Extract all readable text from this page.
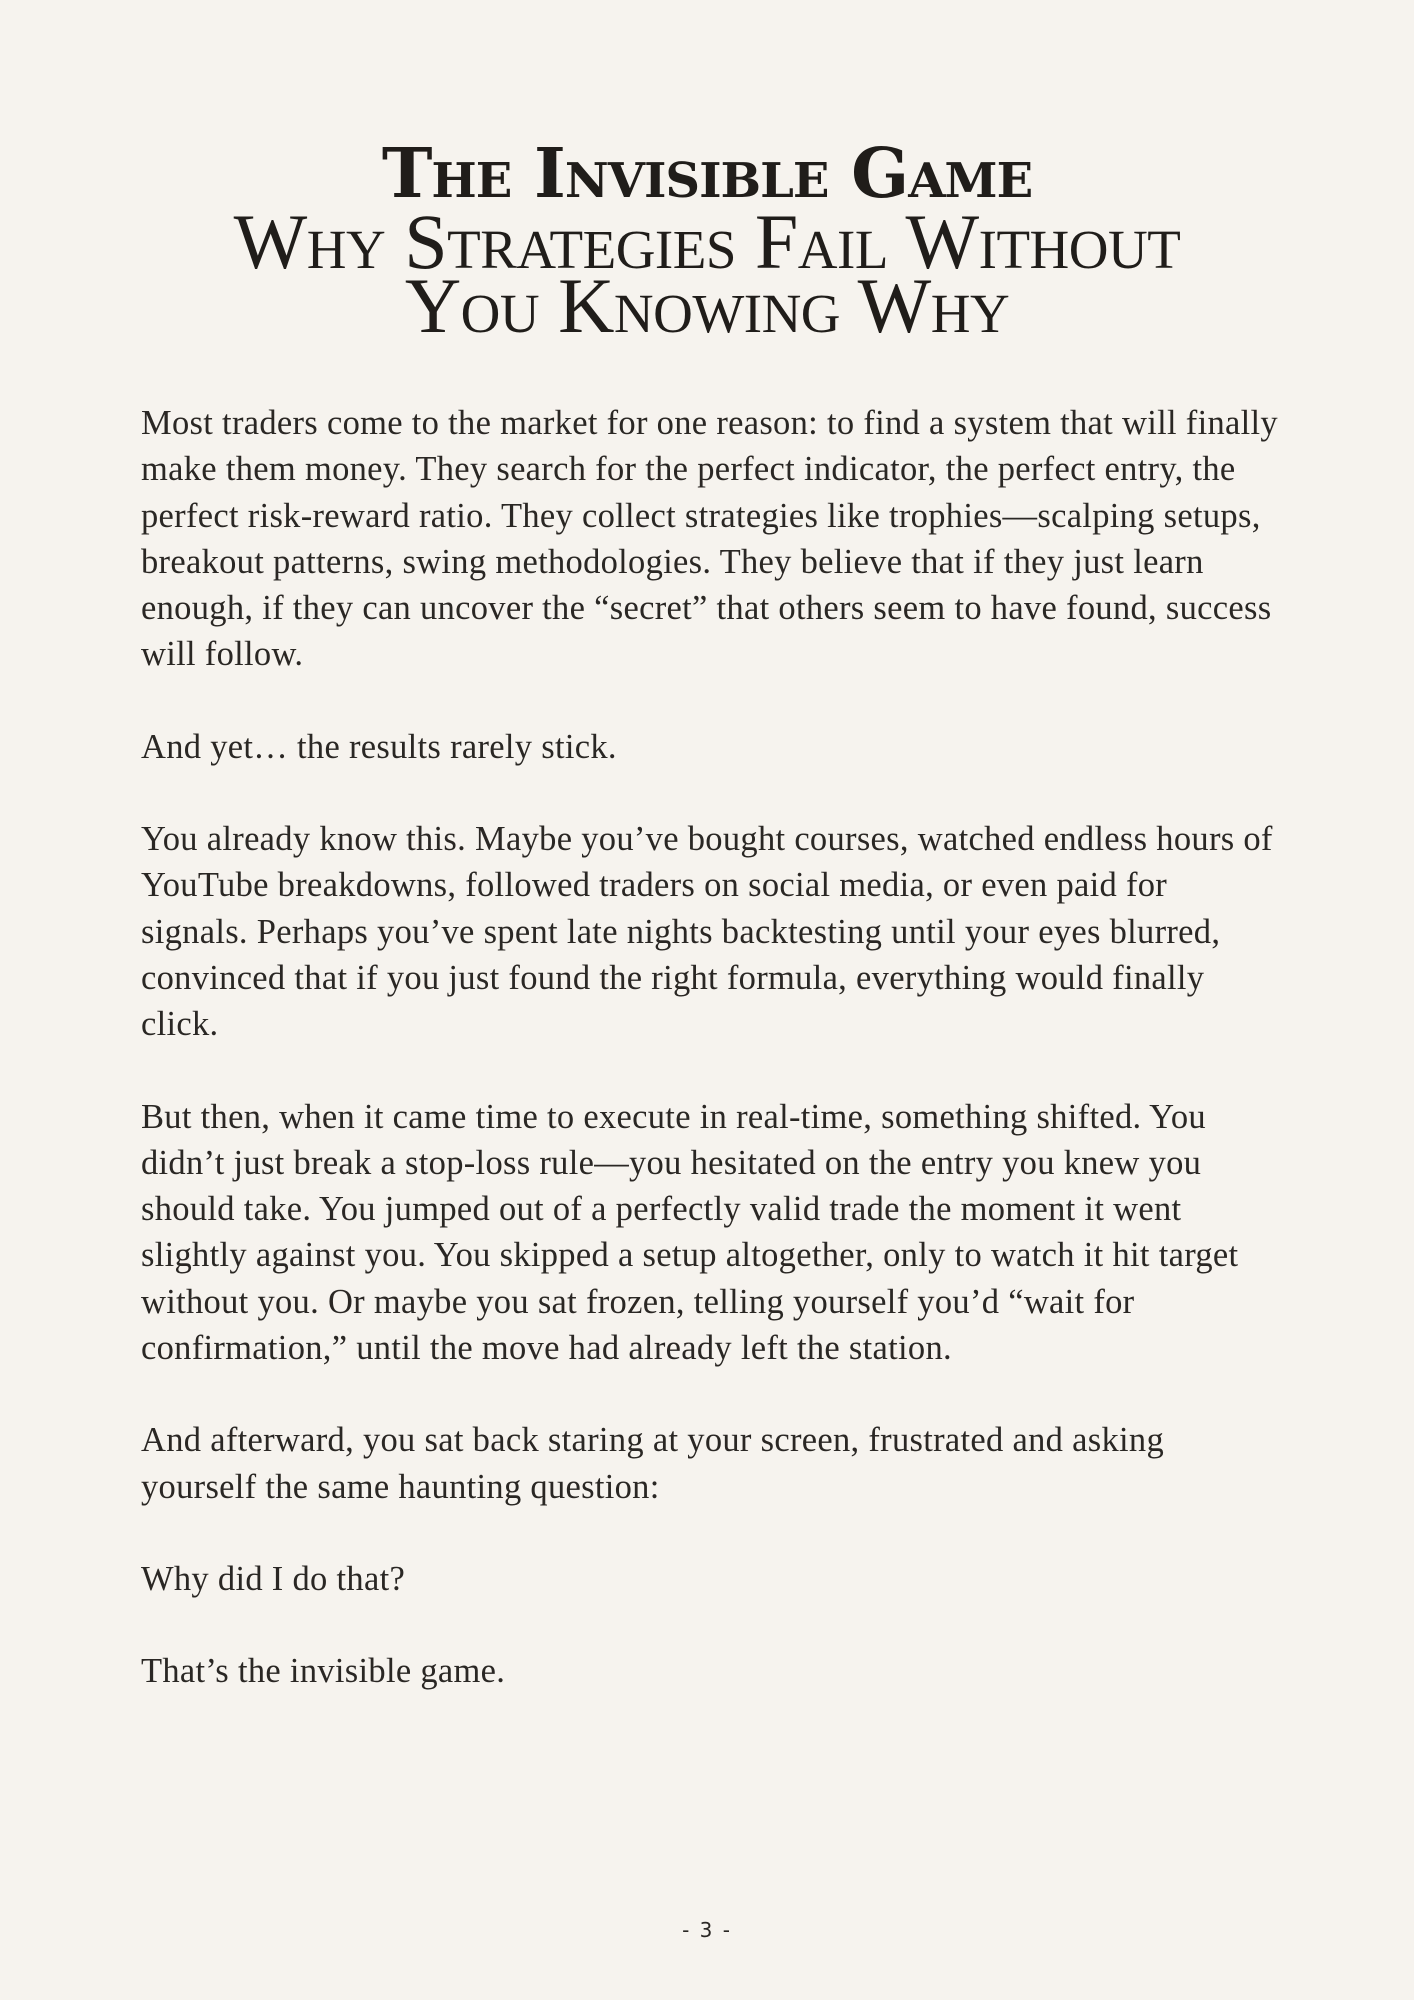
The Invisible Game
Why Strategies Fail Without
You Knowing Why

Most traders come to the market for one reason: to find a system that will finally make them money. They search for the perfect indicator, the perfect entry, the perfect risk-reward ratio. They collect strategies like trophies—scalping setups, breakout patterns, swing methodologies. They believe that if they just learn enough, if they can uncover the “secret” that others seem to have found, success will follow.

And yet… the results rarely stick.

You already know this. Maybe you’ve bought courses, watched endless hours of YouTube breakdowns, followed traders on social media, or even paid for signals. Perhaps you’ve spent late nights backtesting until your eyes blurred, convinced that if you just found the right formula, everything would finally click.

But then, when it came time to execute in real-time, something shifted. You didn’t just break a stop-loss rule—you hesitated on the entry you knew you should take. You jumped out of a perfectly valid trade the moment it went slightly against you. You skipped a setup altogether, only to watch it hit target without you. Or maybe you sat frozen, telling yourself you’d “wait for confirmation,” until the move had already left the station.

And afterward, you sat back staring at your screen, frustrated and asking yourself the same haunting question:

Why did I do that?

That’s the invisible game.

- 3 -
